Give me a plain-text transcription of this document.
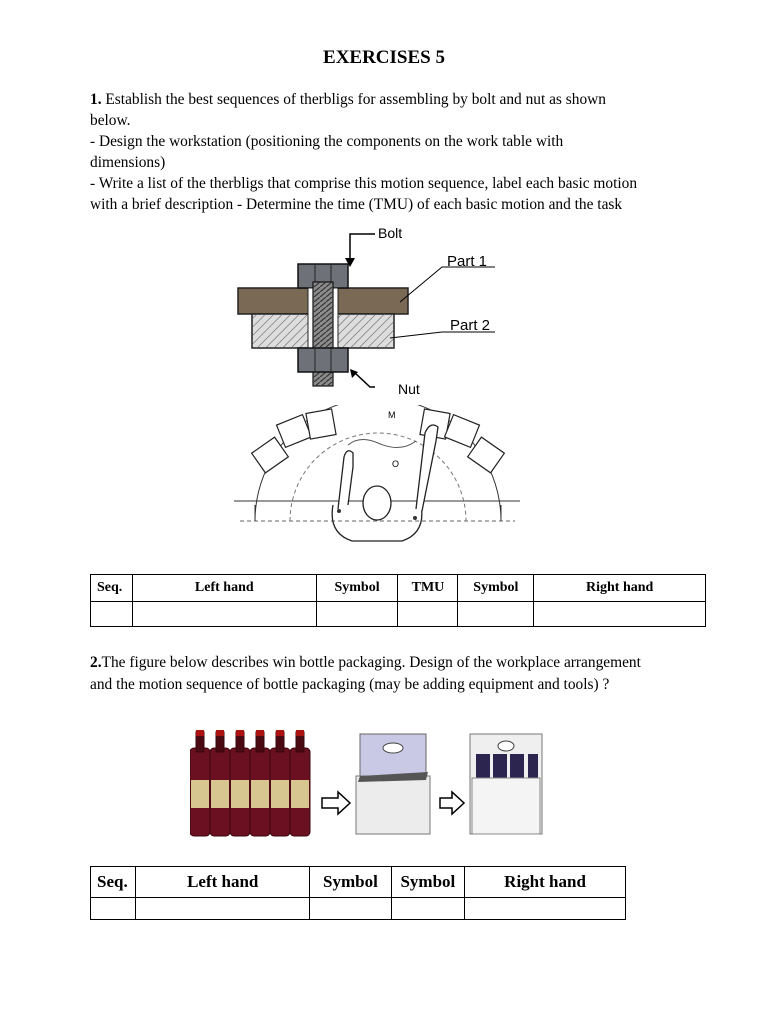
EXERCISES 5
1. Establish the best sequences of therbligs for assembling by bolt and nut as shown
below.
- Design the workstation (positioning the components on the work table with
dimensions)
- Write a list of the therbligs that comprise this motion sequence, label each basic motion
with a brief description - Determine the time (TMU) of each basic motion and the task
Bolt
Part 1
Part 2
Nut
M
O
Seq.	Left hand	Symbol	TMU	Symbol	Right hand

2.The figure below describes win bottle packaging. Design of the workplace arrangement
and the motion sequence of bottle packaging (may be adding equipment and tools) ?
Seq.	Left hand	Symbol	Symbol	Right hand
